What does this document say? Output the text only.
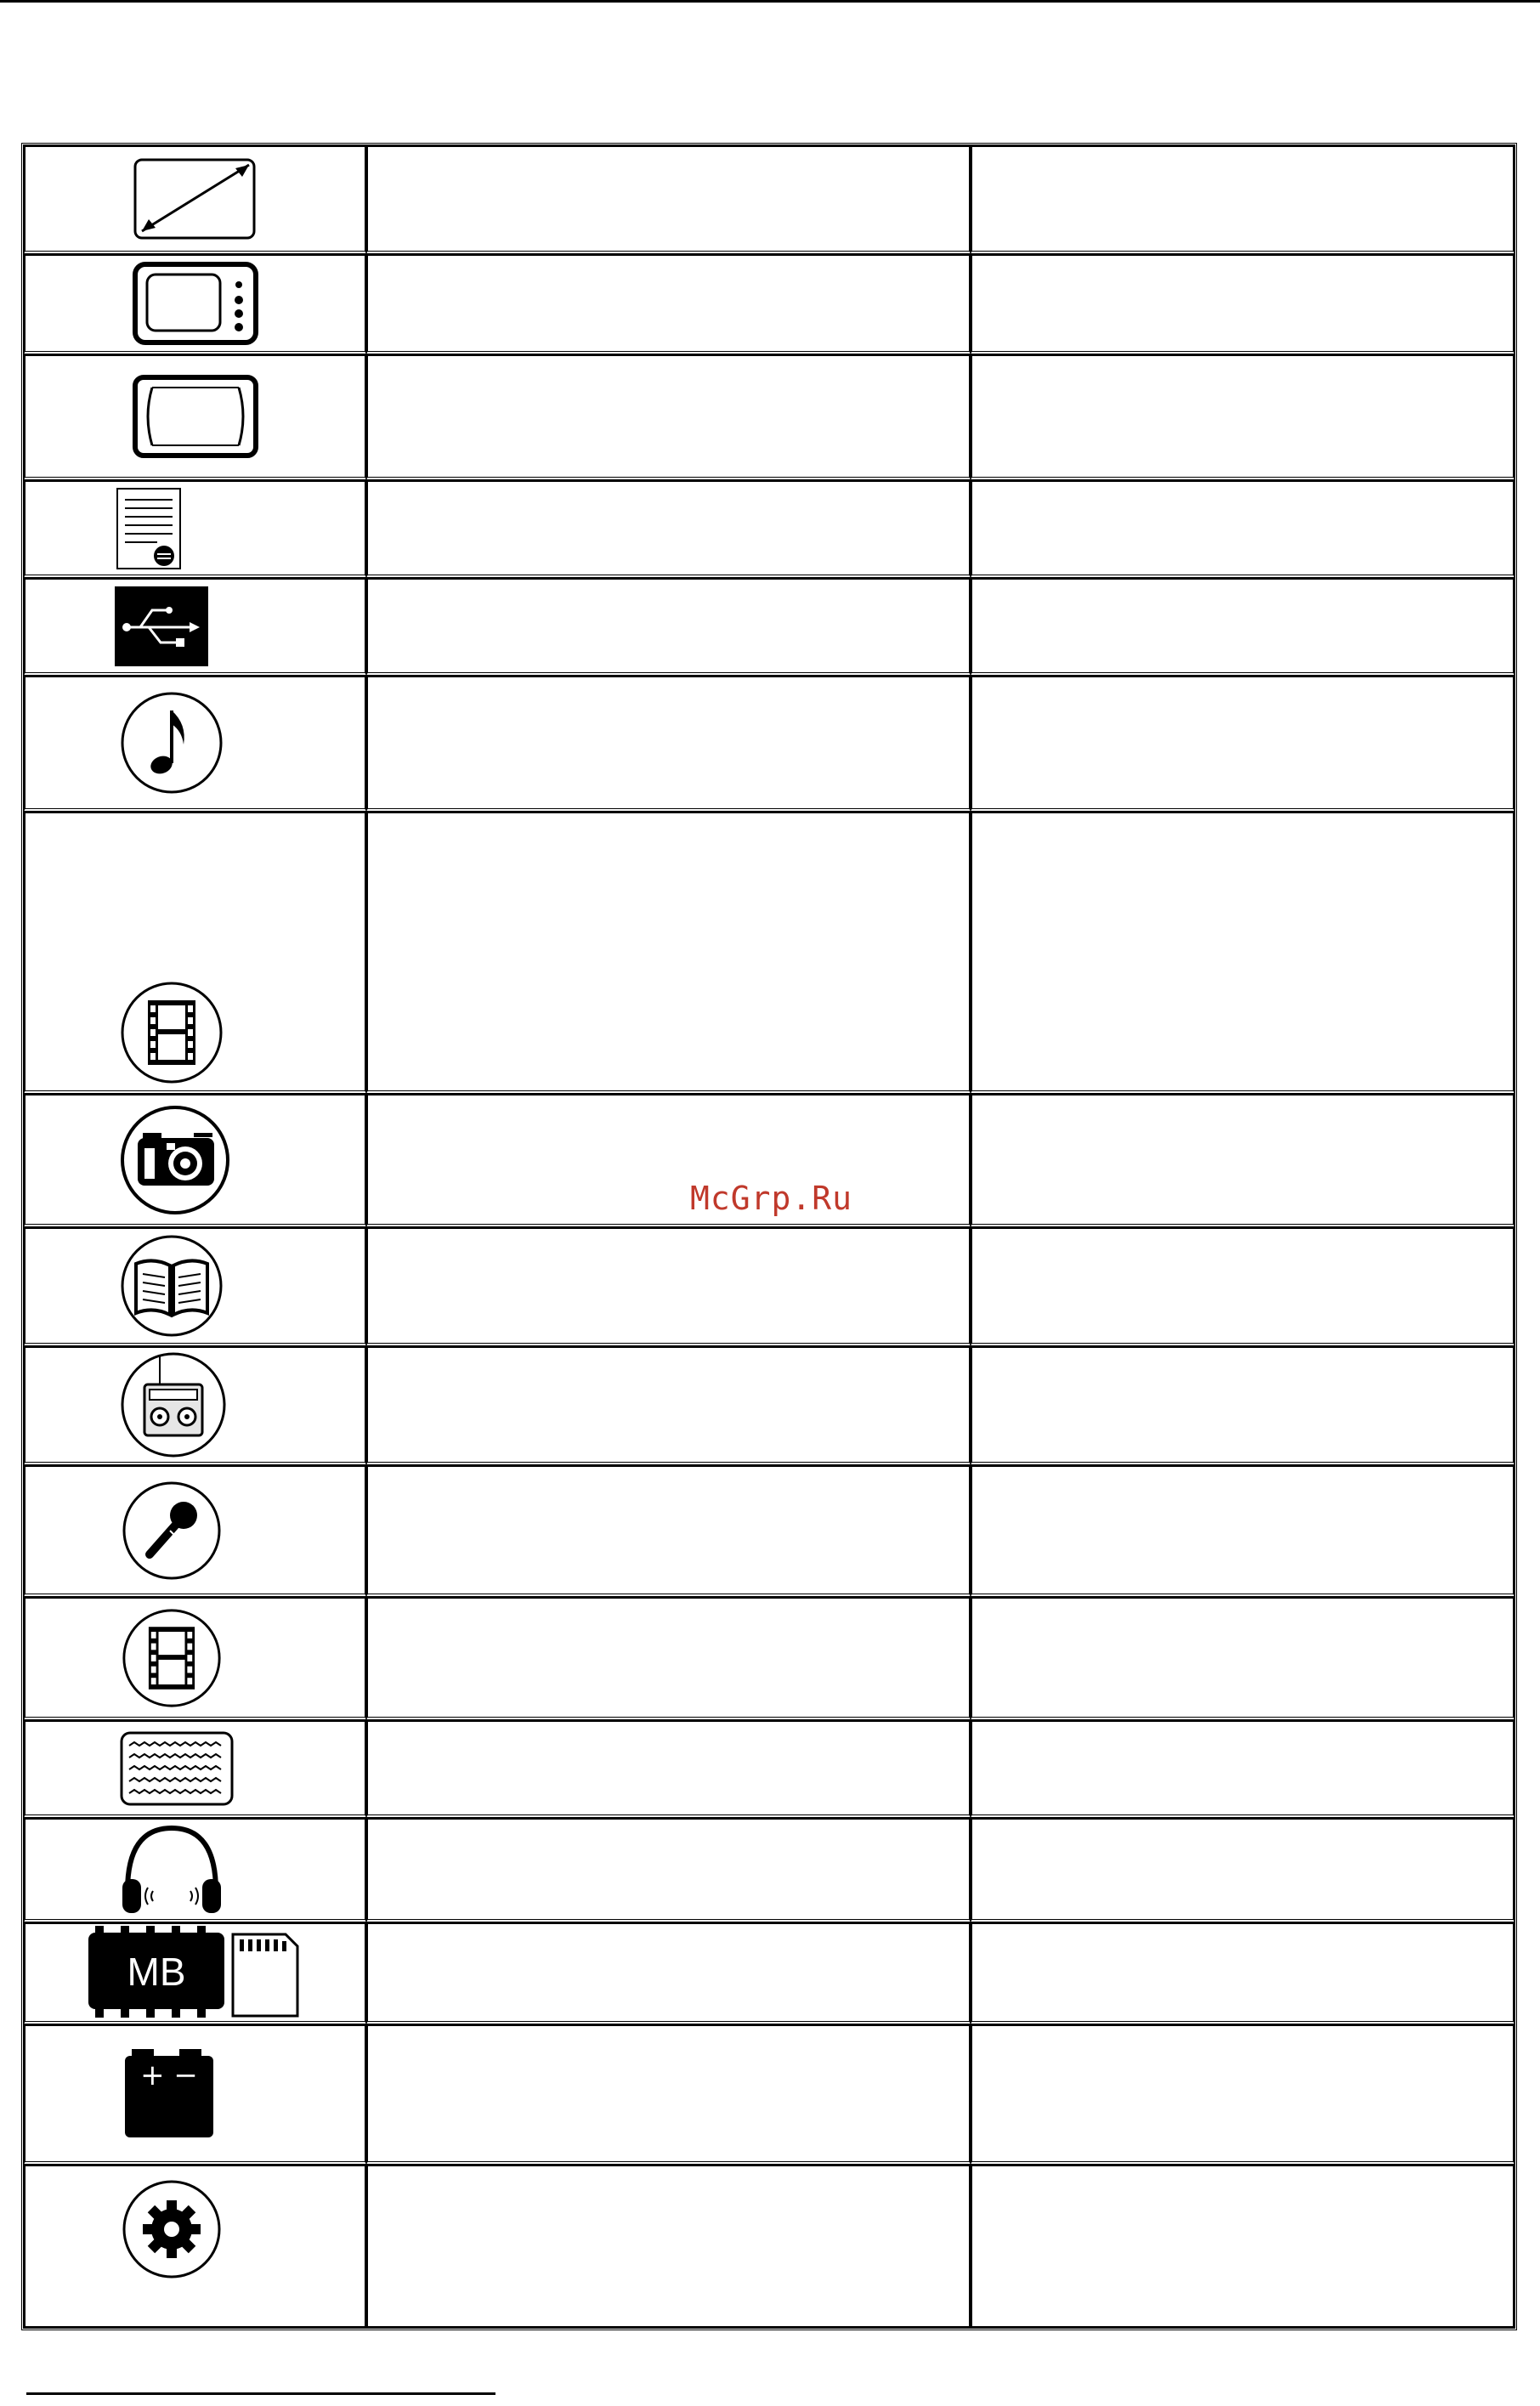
MB		

+ −		

McGrp.Ru
